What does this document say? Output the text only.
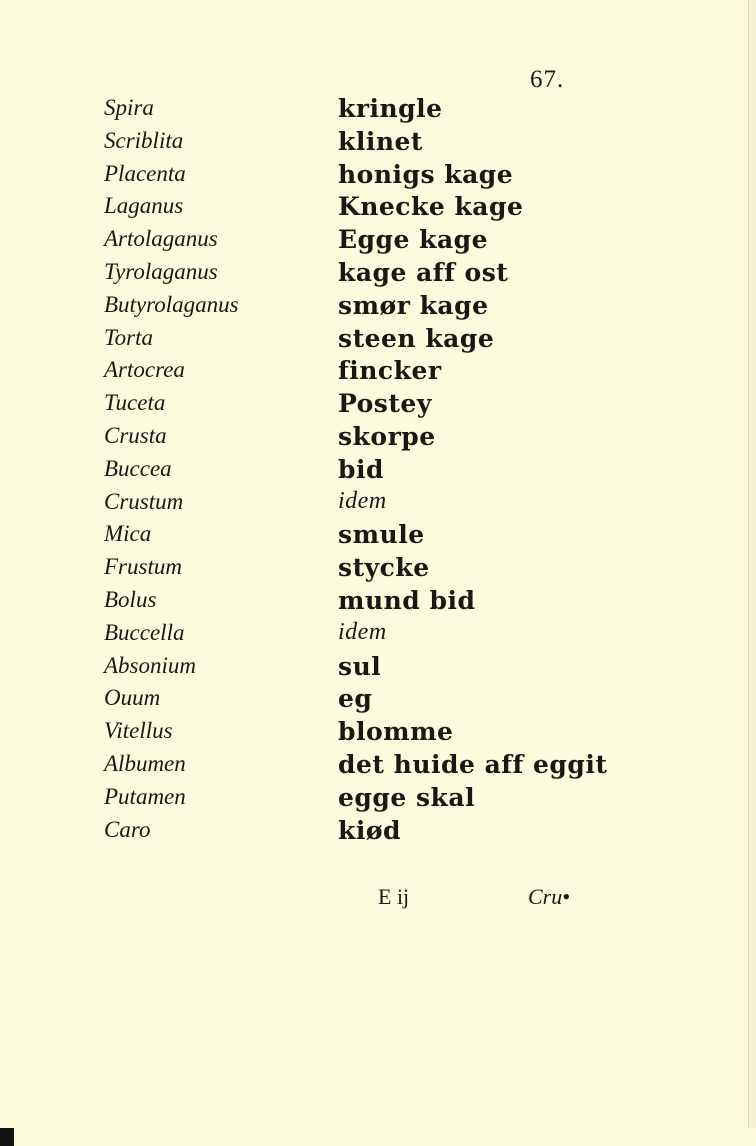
67.
Spira	kringle
Scriblita	klinet
Placenta	honigs kage
Laganus	Knecke kage
Artolaganus	Egge kage
Tyrolaganus	kage aff ost
Butyrolaganus	smør kage
Torta	steen kage
Artocrea	fincker
Tuceta	Postey
Crusta	skorpe
Buccea	bid
Crustum	idem
Mica	smule
Frustum	stycke
Bolus	mund bid
Buccella	idem
Absonium	sul
Ouum	eg
Vitellus	blomme
Albumen	det huide aff eggit
Putamen	egge skal
Caro	kiød
E ij	Cru•
